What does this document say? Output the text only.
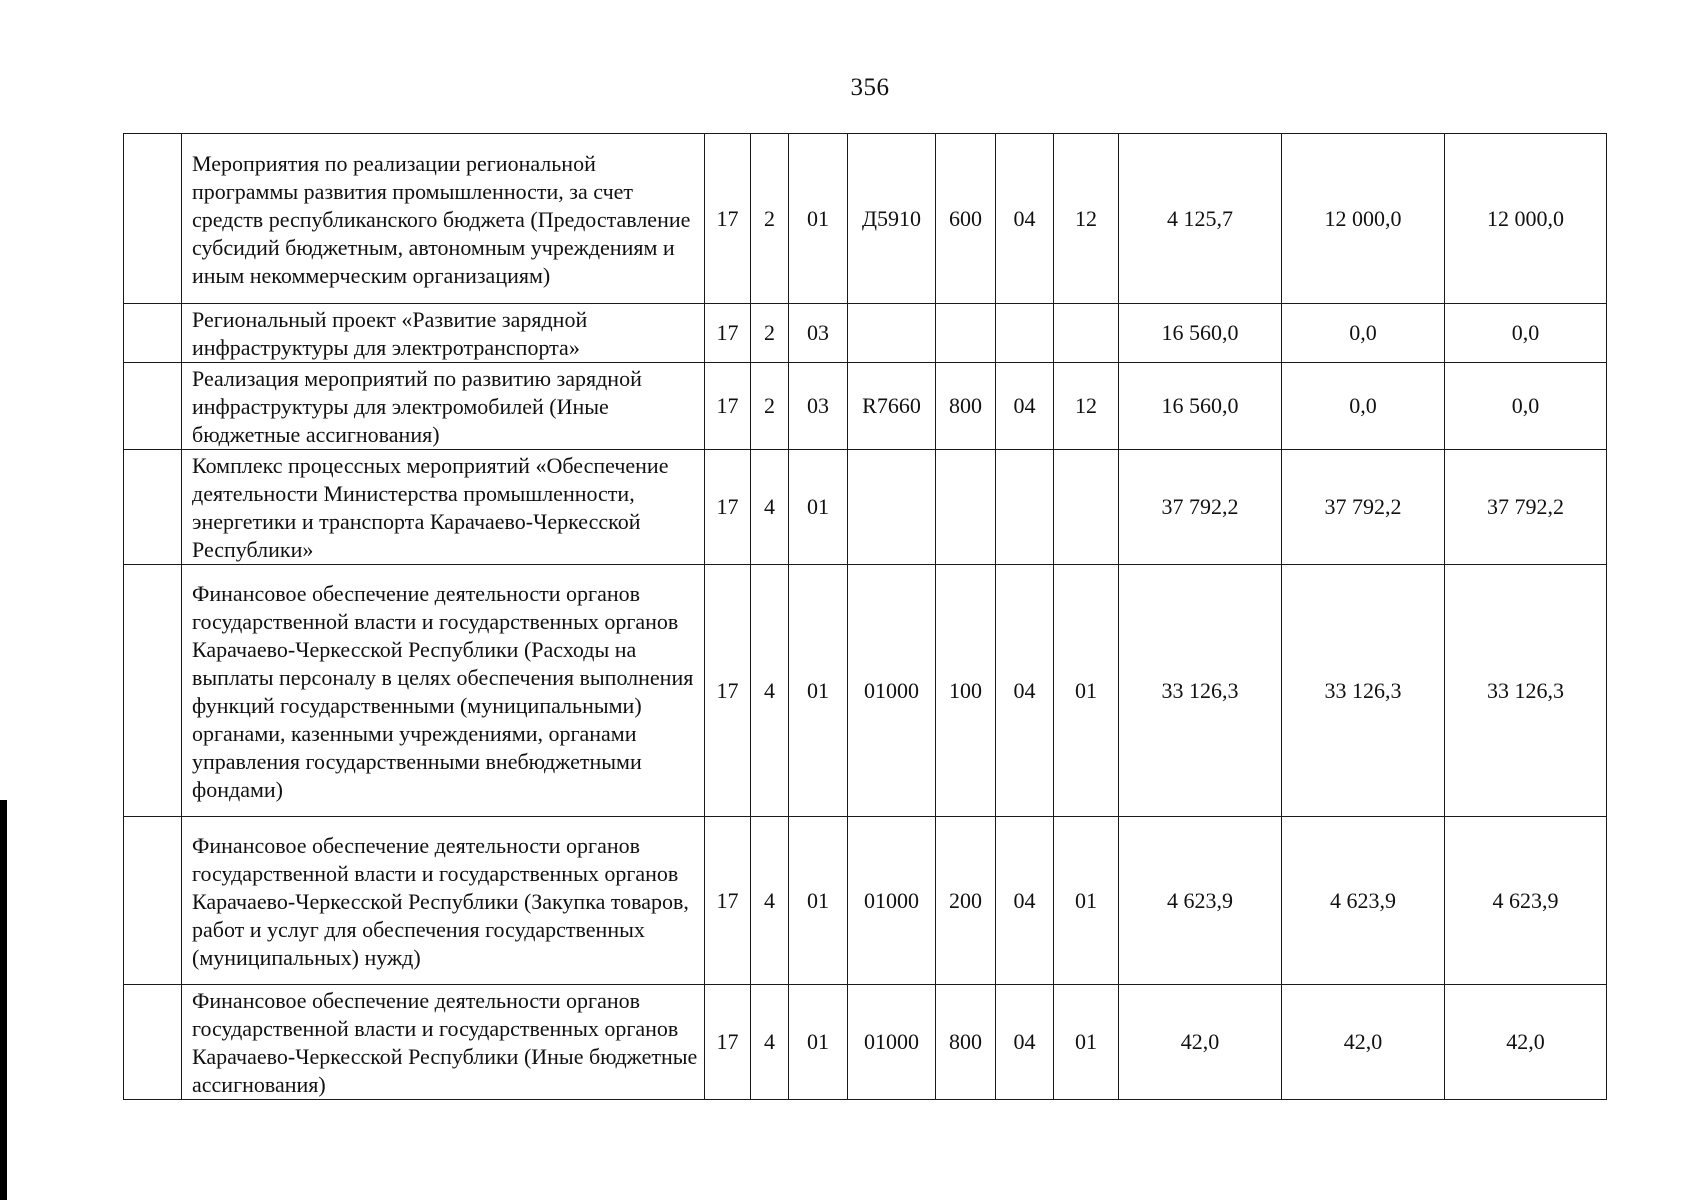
356
	Мероприятия по реализации региональной программы развития промышленности, за счет средств республиканского бюджета (Предоставление субсидий бюджетным, автономным учреждениям и иным некоммерческим организациям)	17	2	01	Д5910	600	04	12	4 125,7	12 000,0	12 000,0
	Региональный проект «Развитие зарядной инфраструктуры для электротранспорта»	17	2	03					16 560,0	0,0	0,0
	Реализация мероприятий по развитию зарядной инфраструктуры для электромобилей (Иные бюджетные ассигнования)	17	2	03	R7660	800	04	12	16 560,0	0,0	0,0
	Комплекс процессных мероприятий «Обеспечение деятельности Министерства промышленности, энергетики и транспорта Карачаево-Черкесской Республики»	17	4	01					37 792,2	37 792,2	37 792,2
	Финансовое обеспечение деятельности органов государственной власти и государственных органов Карачаево-Черкесской Республики (Расходы на выплаты персоналу в целях обеспечения выполнения функций государственными (муниципальными) органами, казенными учреждениями, органами управления государственными внебюджетными фондами)	17	4	01	01000	100	04	01	33 126,3	33 126,3	33 126,3
	Финансовое обеспечение деятельности органов государственной власти и государственных органов Карачаево-Черкесской Республики (Закупка товаров, работ и услуг для обеспечения государственных (муниципальных) нужд)	17	4	01	01000	200	04	01	4 623,9	4 623,9	4 623,9
	Финансовое обеспечение деятельности органов государственной власти и государственных органов Карачаево-Черкесской Республики (Иные бюджетные ассигнования)	17	4	01	01000	800	04	01	42,0	42,0	42,0
